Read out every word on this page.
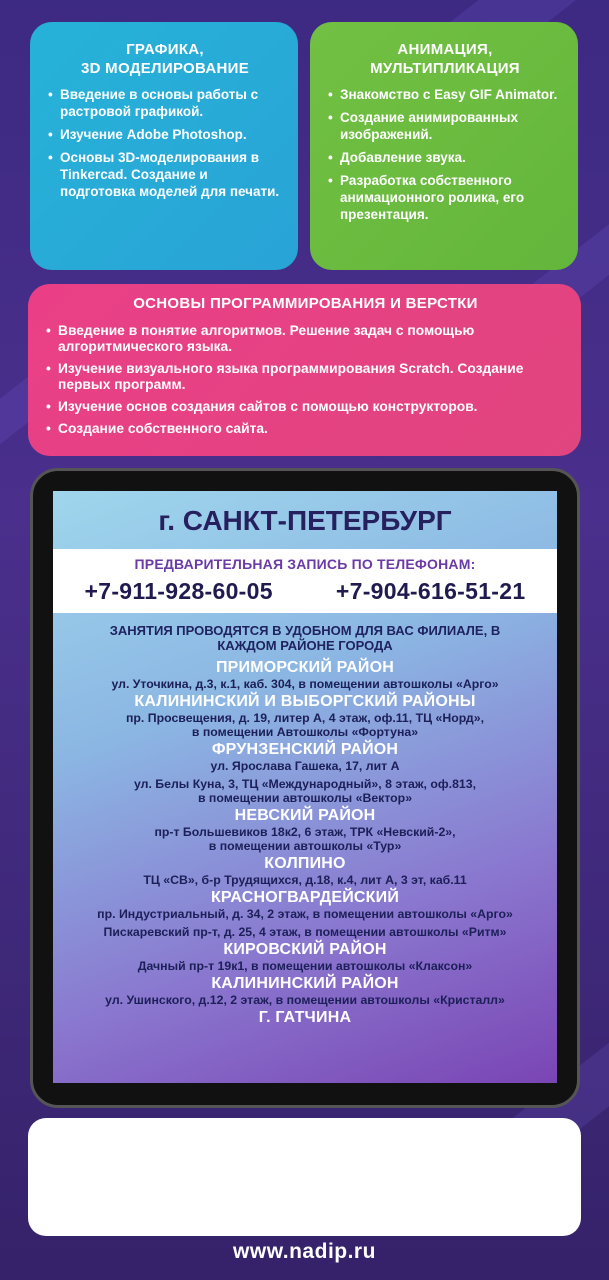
ГРАФИКА,
3D МОДЕЛИРОВАНИЕ
• Введение в основы работы с растровой графикой.
• Изучение Adobe Photoshop.
• Основы 3D-моделирования в Tinkercad. Создание и подготовка моделей для печати.
АНИМАЦИЯ,
МУЛЬТИПЛИКАЦИЯ
• Знакомство с Easy GIF Animator.
• Создание анимированных изображений.
• Добавление звука.
• Разработка собственного анимационного ролика, его презентация.
ОСНОВЫ ПРОГРАММИРОВАНИЯ И ВЕРСТКИ
• Введение в понятие алгоритмов. Решение задач с помощью алгоритмического языка.
• Изучение визуального языка программирования Scratch. Создание первых программ.
• Изучение основ создания сайтов с помощью конструкторов.
• Создание собственного сайта.
г. САНКТ-ПЕТЕРБУРГ
ПРЕДВАРИТЕЛЬНАЯ ЗАПИСЬ ПО ТЕЛЕФОНАМ:
+7-911-928-60-05	+7-904-616-51-21
ЗАНЯТИЯ ПРОВОДЯТСЯ В УДОБНОМ ДЛЯ ВАС ФИЛИАЛЕ, В КАЖДОМ РАЙОНЕ ГОРОДА
ПРИМОРСКИЙ РАЙОН
ул. Уточкина, д.3, к.1, каб. 304, в помещении автошколы «Арго»
КАЛИНИНСКИЙ И ВЫБОРГСКИЙ РАЙОНЫ
пр. Просвещения, д. 19, литер А, 4 этаж, оф.11, ТЦ «Норд»,
в помещении Автошколы «Фортуна»
ФРУНЗЕНСКИЙ РАЙОН
ул. Ярослава Гашека, 17, лит А
ул. Белы Куна, 3, ТЦ «Международный», 8 этаж, оф.813,
в помещении автошколы «Вектор»
НЕВСКИЙ РАЙОН
пр-т Большевиков 18к2, 6 этаж, ТРК «Невский-2»,
в помещении автошколы «Тур»
КОЛПИНО
ТЦ «СВ», б-р Трудящихся, д.18, к.4, лит А, 3 эт, каб.11
КРАСНОГВАРДЕЙСКИЙ
пр. Индустриальный, д. 34, 2 этаж, в помещении автошколы «Арго»
Пискаревский пр-т, д. 25, 4 этаж, в помещении автошколы «Ритм»
КИРОВСКИЙ РАЙОН
Дачный пр-т 19к1, в помещении автошколы «Клаксон»
КАЛИНИНСКИЙ РАЙОН
ул. Ушинского, д.12, 2 этаж, в помещении автошколы «Кристалл»
Г. ГАТЧИНА
www.nadip.ru
